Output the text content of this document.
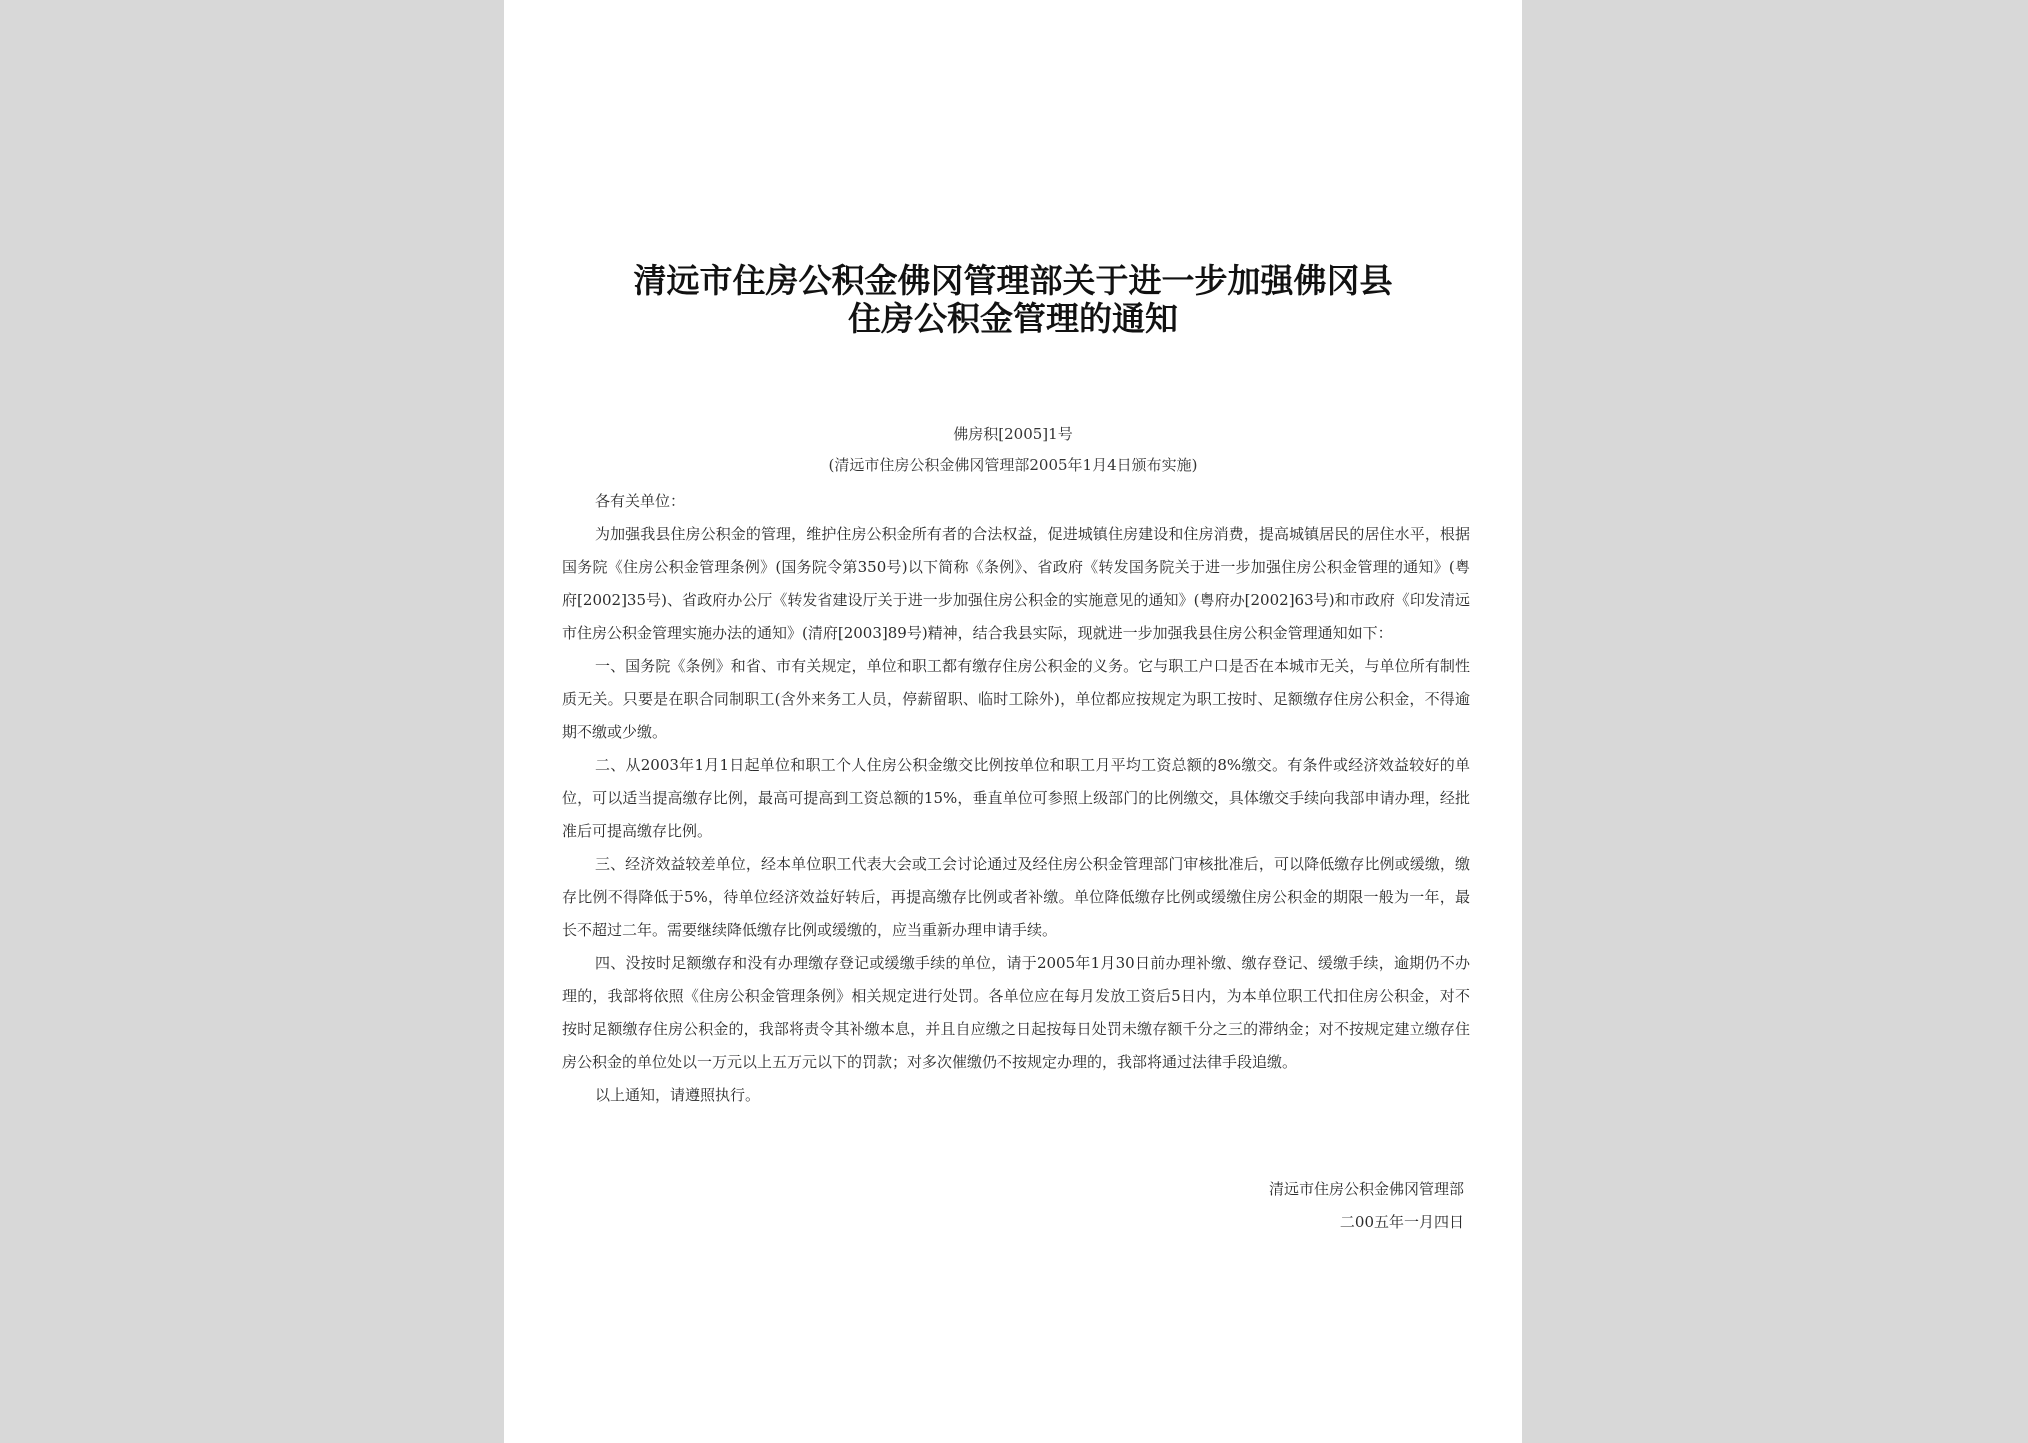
清远市住房公积金佛冈管理部关于进一步加强佛冈县
住房公积金管理的通知
佛房积[2005]1号
(清远市住房公积金佛冈管理部2005年1月4日颁布实施)

各有关单位：

为加强我县住房公积金的管理，维护住房公积金所有者的合法权益，促进城镇住房建设和住房消费，提高城镇居民的居住水平，根据国务院《住房公积金管理条例》(国务院令第350号)以下简称《条例》、省政府《转发国务院关于进一步加强住房公积金管理的通知》(粤府[2002]35号)、省政府办公厅《转发省建设厅关于进一步加强住房公积金的实施意见的通知》(粤府办[2002]63号)和市政府《印发清远市住房公积金管理实施办法的通知》(清府[2003]89号)精神，结合我县实际，现就进一步加强我县住房公积金管理通知如下：

一、国务院《条例》和省、市有关规定，单位和职工都有缴存住房公积金的义务。它与职工户口是否在本城市无关，与单位所有制性质无关。只要是在职合同制职工(含外来务工人员，停薪留职、临时工除外)，单位都应按规定为职工按时、足额缴存住房公积金，不得逾期不缴或少缴。

二、从2003年1月1日起单位和职工个人住房公积金缴交比例按单位和职工月平均工资总额的8%缴交。有条件或经济效益较好的单位，可以适当提高缴存比例，最高可提高到工资总额的15%，垂直单位可参照上级部门的比例缴交，具体缴交手续向我部申请办理，经批准后可提高缴存比例。

三、经济效益较差单位，经本单位职工代表大会或工会讨论通过及经住房公积金管理部门审核批准后，可以降低缴存比例或缓缴，缴存比例不得降低于5%，待单位经济效益好转后，再提高缴存比例或者补缴。单位降低缴存比例或缓缴住房公积金的期限一般为一年，最长不超过二年。需要继续降低缴存比例或缓缴的，应当重新办理申请手续。

四、没按时足额缴存和没有办理缴存登记或缓缴手续的单位，请于2005年1月30日前办理补缴、缴存登记、缓缴手续，逾期仍不办理的，我部将依照《住房公积金管理条例》相关规定进行处罚。各单位应在每月发放工资后5日内，为本单位职工代扣住房公积金，对不按时足额缴存住房公积金的，我部将责令其补缴本息，并且自应缴之日起按每日处罚未缴存额千分之三的滞纳金；对不按规定建立缴存住房公积金的单位处以一万元以上五万元以下的罚款；对多次催缴仍不按规定办理的，我部将通过法律手段追缴。

以上通知，请遵照执行。

清远市住房公积金佛冈管理部
二00五年一月四日
